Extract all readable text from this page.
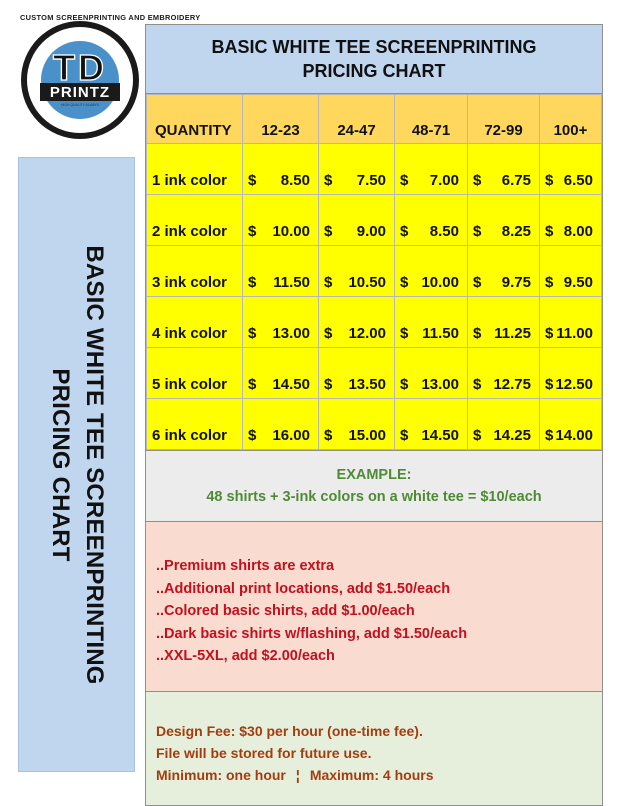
CUSTOM SCREENPRINTING AND EMBROIDERY
TD
PRINTZ
HIGH QUALITY ALWAYS
BASIC WHITE TEE SCREENPRINTING
PRICING CHART
BASIC WHITE TEE SCREENPRINTING
PRICING CHART
QUANTITY	12-23	24-47	48-71	72-99	100+
1 ink color	$ 8.50	$ 7.50	$ 7.00	$ 6.75	$ 6.50

2 ink color	$ 10.00	$ 9.00	$ 8.50	$ 8.25	$ 8.00

3 ink color	$ 11.50	$ 10.50	$ 10.00	$ 9.75	$ 9.50

4 ink color	$ 13.00	$ 12.00	$ 11.50	$ 11.25	$ 11.00

5 ink color	$ 14.50	$ 13.50	$ 13.00	$ 12.75	$ 12.50

6 ink color	$ 16.00	$ 15.00	$ 14.50	$ 14.25	$ 14.00
EXAMPLE:
48 shirts + 3-ink colors on a white tee = $10/each
..Premium shirts are extra
..Additional print locations, add $1.50/each
..Colored basic shirts, add $1.00/each
..Dark basic shirts w/flashing, add $1.50/each
..XXL-5XL, add $2.00/each
Design Fee: $30 per hour (one-time fee).
File will be stored for future use.
Minimum: one hour ¦ Maximum: 4 hours
